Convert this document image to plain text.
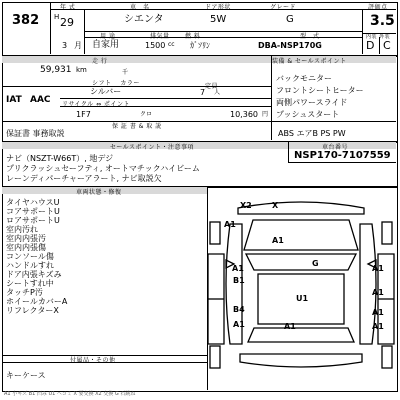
382
年 式	車　名	ドア形状	グレード	評価点
H 29	シエンタ	5W	G	3.5
用 途	排気量	燃 料	型　式	内装 外装
3 月 自家用	1500 cc ｶﾞｿﾘﾝ	DBA-NSP170G	D C
走 行	装備 & セールスポイント
59,931 km	千
シフト　 カラー
IAT AAC
シルバー
定員
7 人
リサイクル ⇔ ポイント
1F7	クロ	10,360 円
保 証 書 & 取 説
保証書 事務取説
バックモニター
フロントシートヒーター
両側パワースライド
プッシュスタート
ABS エアB PS PW
セールスポイント・注意事項	車台番号
NSP170-7107559
ナビ（NSZT-W66T）, 地デジ
プリクラッシュセーフティ, オートマチックハイビーム
レーンディパーチャーアラート, ナビ取説欠
車両状態・修復
タイヤハウスU
コアサポートU
ロアサポートU
室内汚れ
室内内張汚
室内内張傷
コンソール傷
ハンドルすれ
ドア内張キズみ
シートすれ中
タッチP汚
ホイールカバーA
リフレクターX
付属品・その他
キーケース
X2	X
A1
A1
G
A1
B1
A1
A1
U1
B4
A1
A1
A1	A1
A1 小キズ B1 凹み U1 ヘコミ X 要交換 X2 交換 G 石跳ね
